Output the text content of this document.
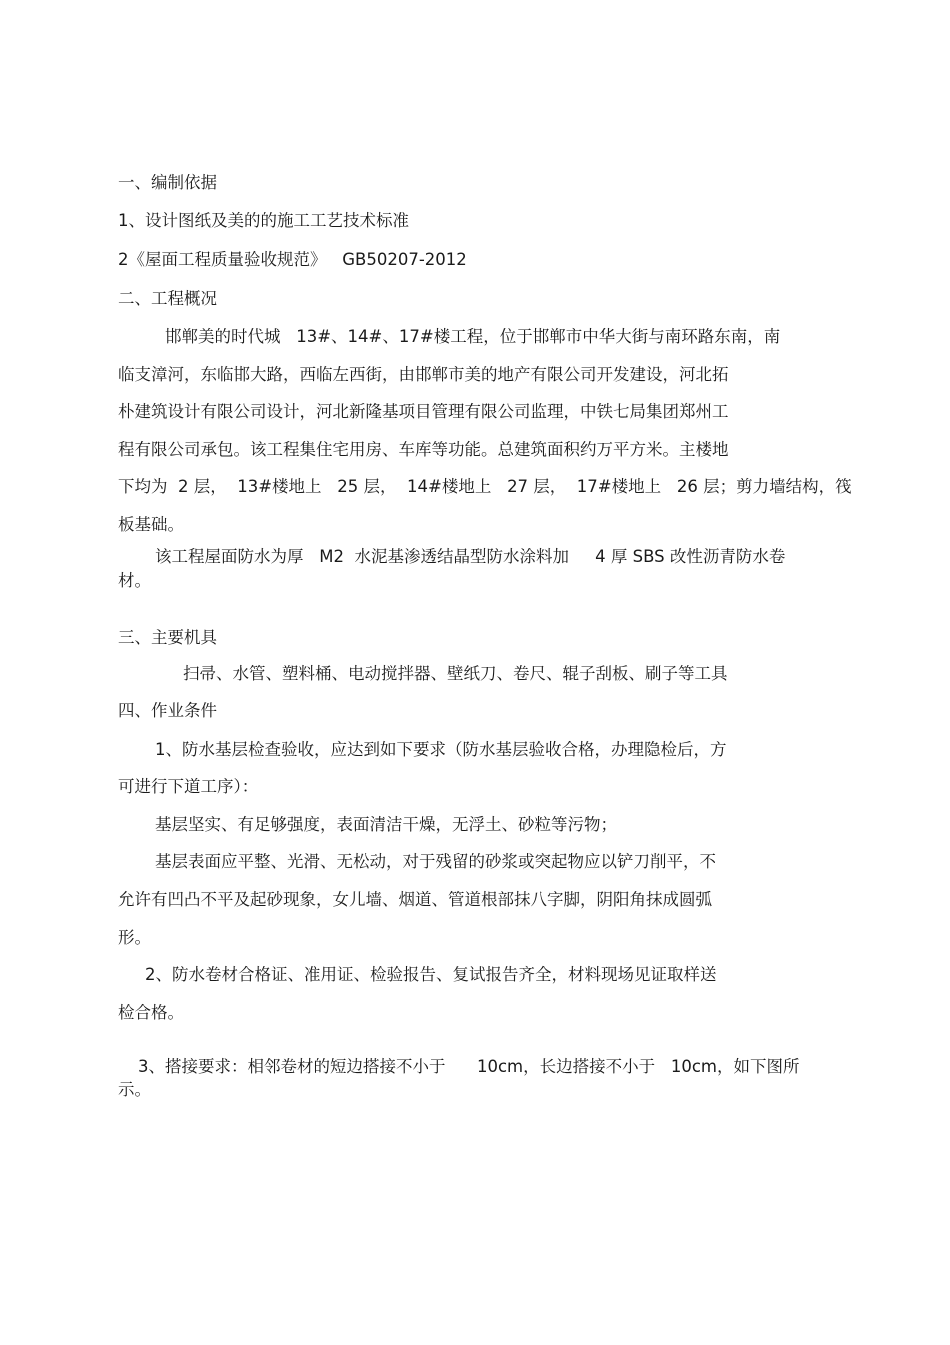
一、编制依据
1、设计图纸及美的的施工工艺技术标准
2《屋面工程质量验收规范》   GB50207-2012
二、工程概况
邯郸美的时代城   13#、14#、17#楼工程，位于邯郸市中华大街与南环路东南，南
临支漳河，东临邯大路，西临左西街，由邯郸市美的地产有限公司开发建设，河北拓
朴建筑设计有限公司设计，河北新隆基项目管理有限公司监理，中铁七局集团郑州工
程有限公司承包。该工程集住宅用房、车库等功能。总建筑面积约万平方米。主楼地
下均为  2 层，  13#楼地上   25 层，  14#楼地上   27 层，  17#楼地上   26 层；剪力墙结构，筏
板基础。
该工程屋面防水为厚   M2  水泥基渗透结晶型防水涂料加     4 厚 SBS 改性沥青防水卷
材。
三、主要机具
扫帚、水管、塑料桶、电动搅拌器、壁纸刀、卷尺、辊子刮板、刷子等工具
四、作业条件
1、防水基层检查验收，应达到如下要求（防水基层验收合格，办理隐检后，方
可进行下道工序）：
基层坚实、有足够强度，表面清洁干燥，无浮土、砂粒等污物；
基层表面应平整、光滑、无松动，对于残留的砂浆或突起物应以铲刀削平，不
允许有凹凸不平及起砂现象，女儿墙、烟道、管道根部抹八字脚，阴阳角抹成圆弧
形。
2、防水卷材合格证、准用证、检验报告、复试报告齐全，材料现场见证取样送
检合格。
3、搭接要求：相邻卷材的短边搭接不小于      10cm，长边搭接不小于   10cm，如下图所
示。
